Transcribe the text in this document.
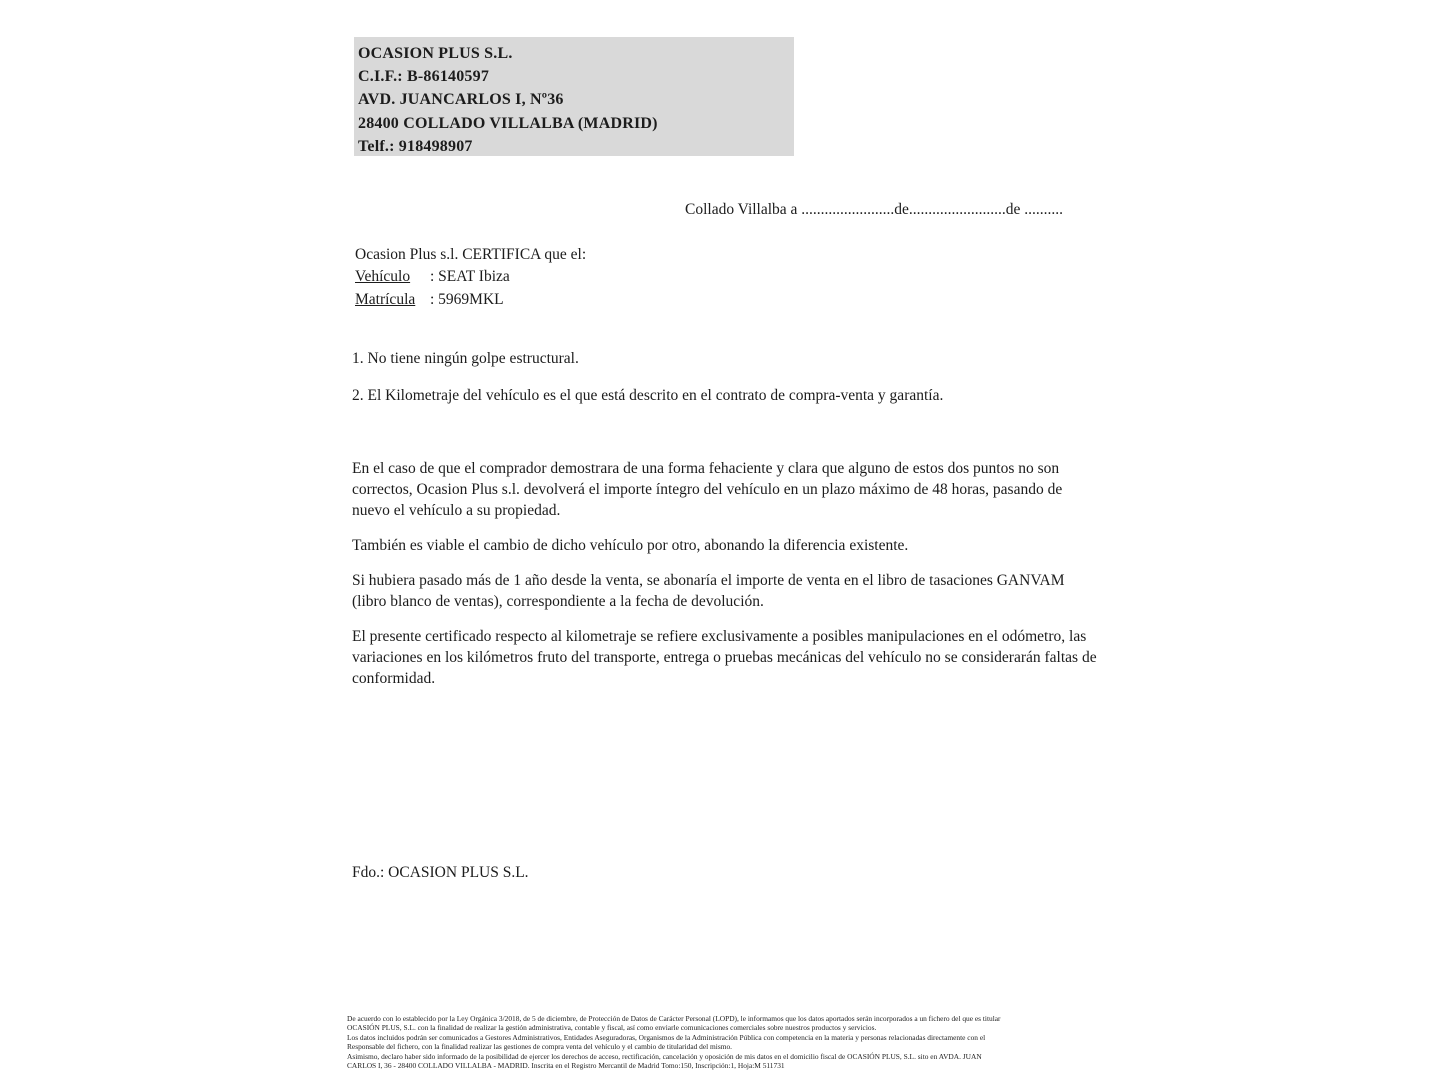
OCASION PLUS S.L.
C.I.F.: B-86140597
AVD. JUANCARLOS I, Nº36
28400 COLLADO VILLALBA (MADRID)
Telf.: 918498907
Collado Villalba a ........................de.........................de ..........
Ocasion Plus s.l. CERTIFICA que el:
Vehículo	: SEAT Ibiza
Matrícula : 5969MKL
1. No tiene ningún golpe estructural.
2. El Kilometraje del vehículo es el que está descrito en el contrato de compra-venta y garantía.

En el caso de que el comprador demostrara de una forma fehaciente y clara que alguno de estos dos puntos no son correctos, Ocasion Plus s.l. devolverá el importe íntegro del vehículo en un plazo máximo de 48 horas, pasando de nuevo el vehículo a su propiedad.

También es viable el cambio de dicho vehículo por otro, abonando la diferencia existente.

Si hubiera pasado más de 1 año desde la venta, se abonaría el importe de venta en el libro de tasaciones GANVAM (libro blanco de ventas), correspondiente a la fecha de devolución.

El presente certificado respecto al kilometraje se refiere exclusivamente a posibles manipulaciones en el odómetro, las variaciones en los kilómetros fruto del transporte, entrega o pruebas mecánicas del vehículo no se considerarán faltas de conformidad.

Fdo.: OCASION PLUS S.L.
De acuerdo con lo establecido por la Ley Orgánica 3/2018, de 5 de diciembre, de Protección de Datos de Carácter Personal (LOPD), le informamos que los datos aportados serán incorporados a un fichero del que es titular
OCASIÓN PLUS, S.L. con la finalidad de realizar la gestión administrativa, contable y fiscal, así como enviarle comunicaciones comerciales sobre nuestros productos y servicios.
Los datos incluidos podrán ser comunicados a Gestores Administrativos, Entidades Aseguradoras, Organismos de la Administración Pública con competencia en la materia y personas relacionadas directamente con el
Responsable del fichero, con la finalidad realizar las gestiones de compra venta del vehículo y el cambio de titularidad del mismo.
Asimismo, declaro haber sido informado de la posibilidad de ejercer los derechos de acceso, rectificación, cancelación y oposición de mis datos en el domicilio fiscal de OCASIÓN PLUS, S.L. sito en AVDA. JUAN
CARLOS I, 36 - 28400 COLLADO VILLALBA - MADRID. Inscrita en el Registro Mercantil de Madrid Tomo:150, Inscripción:1, Hoja:M 511731
